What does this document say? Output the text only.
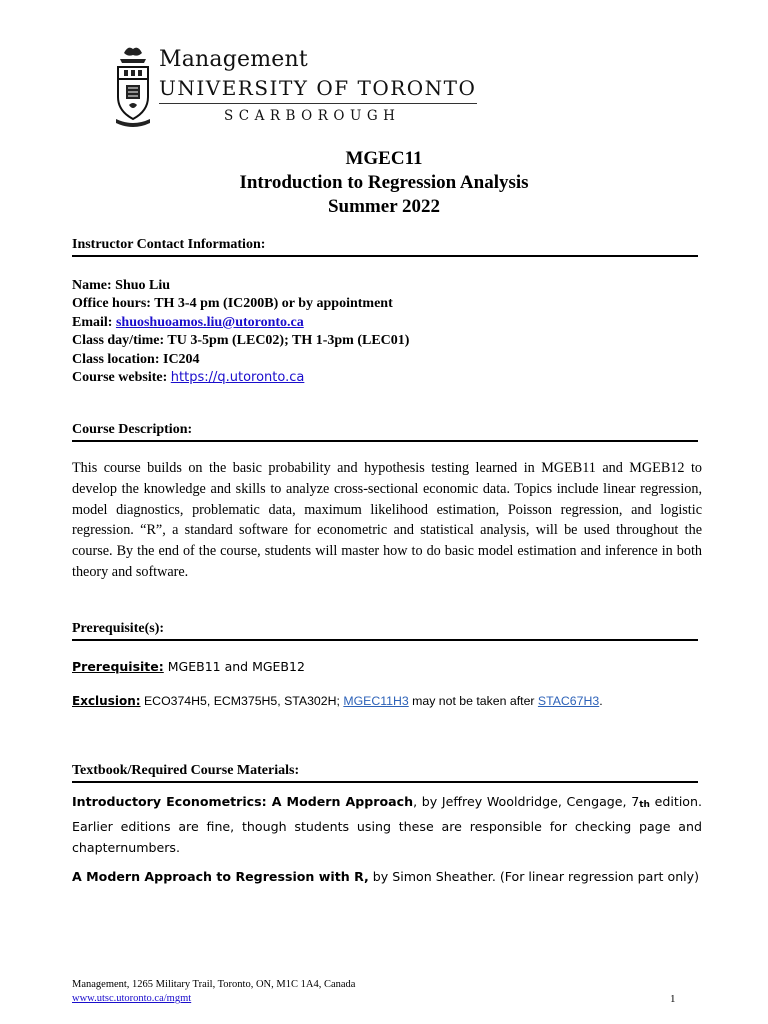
Management
UNIVERSITY OF TORONTO
SCARBOROUGH
MGEC11
Introduction to Regression Analysis
Summer 2022
Instructor Contact Information:
Name: Shuo Liu
Office hours: TH 3-4 pm (IC200B) or by appointment
Email: shuoshuoamos.liu@utoronto.ca
Class day/time: TU 3-5pm (LEC02); TH 1-3pm (LEC01)
Class location: IC204
Course website: https://q.utoronto.ca
Course Description:
This course builds on the basic probability and hypothesis testing learned in MGEB11 and MGEB12 to develop the knowledge and skills to analyze cross-sectional economic data. Topics include linear regression, model diagnostics, problematic data, maximum likelihood estimation, Poisson regression, and logistic regression. “R”, a standard software for econometric and statistical analysis, will be used throughout the course. By the end of the course, students will master how to do basic model estimation and inference in both theory and software.
Prerequisite(s):
Prerequisite: MGEB11 and MGEB12
Exclusion: ECO374H5, ECM375H5, STA302H; MGEC11H3 may not be taken after STAC67H3.
Textbook/Required Course Materials:
Introductory Econometrics: A Modern Approach, by Jeffrey Wooldridge, Cengage, $7_{th}$ edition. Earlier editions are fine, though students using these are responsible for checking page and chapternumbers.
A Modern Approach to Regression with R, by Simon Sheather. (For linear regression part only)
Management, 1265 Military Trail, Toronto, ON, M1C 1A4, Canada
www.utsc.utoronto.ca/mgmt	1
